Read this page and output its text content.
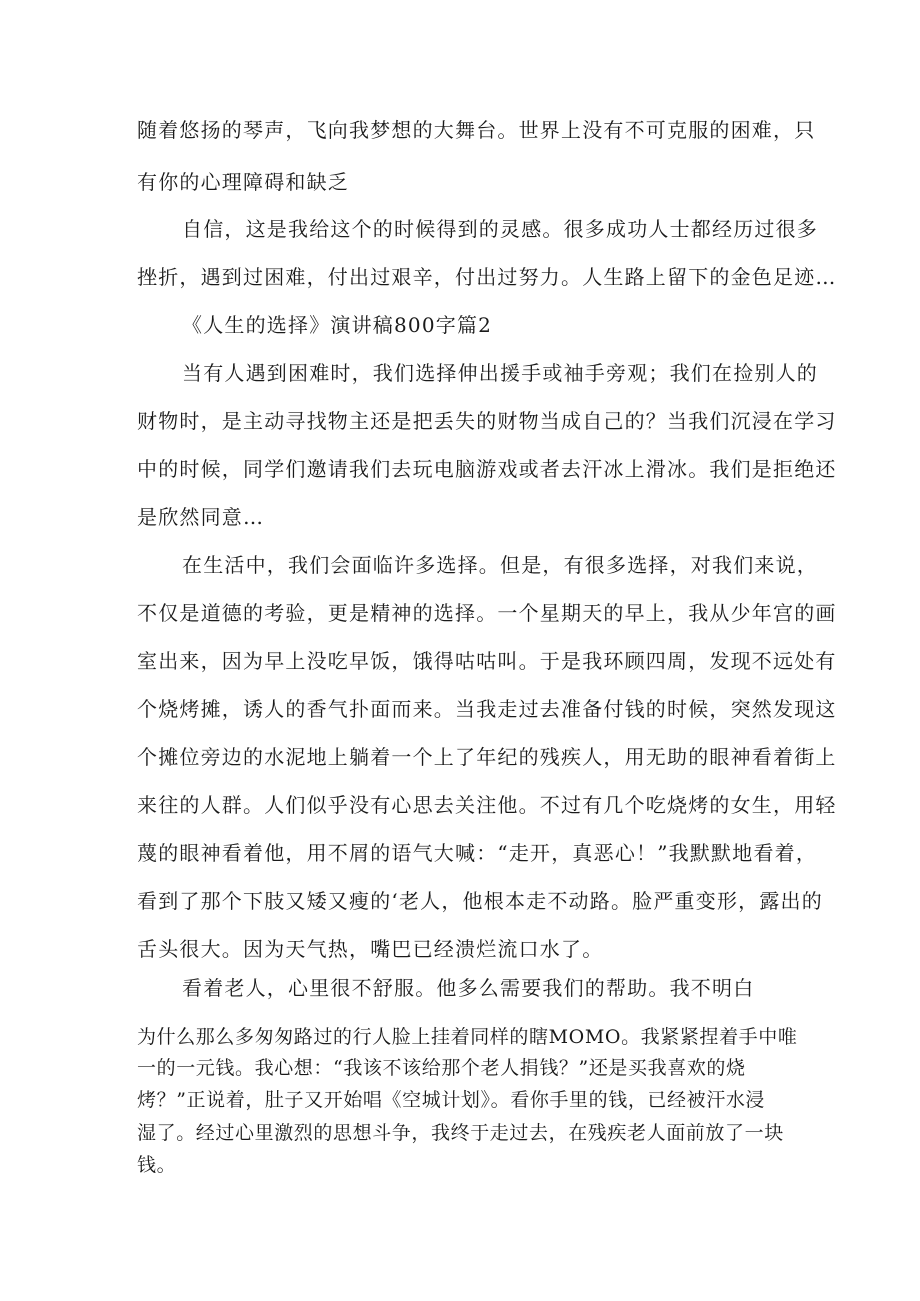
随着悠扬的琴声，飞向我梦想的大舞台。世界上没有不可克服的困难，只
有你的心理障碍和缺乏
自信，这是我给这个的时候得到的灵感。很多成功人士都经历过很多
挫折，遇到过困难，付出过艰辛，付出过努力。人生路上留下的金色足迹…
《人生的选择》演讲稿800字篇2
当有人遇到困难时，我们选择伸出援手或袖手旁观；我们在捡别人的
财物时，是主动寻找物主还是把丢失的财物当成自己的？当我们沉浸在学习
中的时候，同学们邀请我们去玩电脑游戏或者去汗冰上滑冰。我们是拒绝还
是欣然同意…
在生活中，我们会面临许多选择。但是，有很多选择，对我们来说，
不仅是道德的考验，更是精神的选择。一个星期天的早上，我从少年宫的画
室出来，因为早上没吃早饭，饿得咕咕叫。于是我环顾四周，发现不远处有
个烧烤摊，诱人的香气扑面而来。当我走过去准备付钱的时候，突然发现这
个摊位旁边的水泥地上躺着一个上了年纪的残疾人，用无助的眼神看着街上
来往的人群。人们似乎没有心思去关注他。不过有几个吃烧烤的女生，用轻
蔑的眼神看着他，用不屑的语气大喊：“走开，真恶心！”我默默地看着，
看到了那个下肢又矮又瘦的‘老人，他根本走不动路。脸严重变形，露出的
舌头很大。因为天气热，嘴巴已经溃烂流口水了。
看着老人，心里很不舒服。他多么需要我们的帮助。我不明白
为什么那么多匆匆路过的行人脸上挂着同样的瞎MOMO。我紧紧捏着手中唯
一的一元钱。我心想：“我该不该给那个老人捐钱？”还是买我喜欢的烧
烤？”正说着，肚子又开始唱《空城计划》。看你手里的钱，已经被汗水浸
湿了。经过心里激烈的思想斗争，我终于走过去，在残疾老人面前放了一块
钱。
